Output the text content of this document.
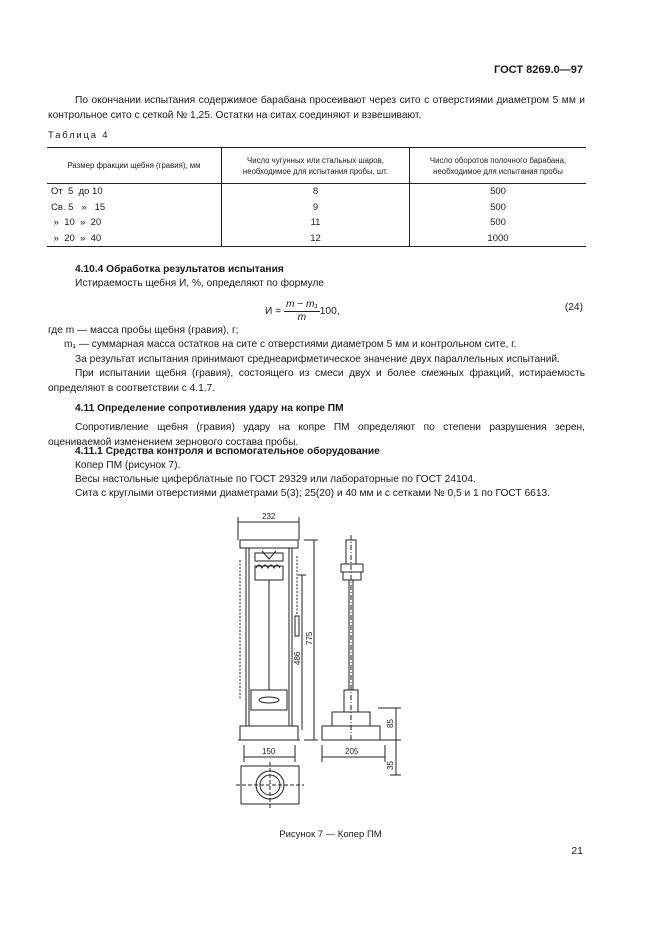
ГОСТ 8269.0—97
По окончании испытания содержимое барабана просеивают через сито с отверстиями диаметром 5 мм и контрольное сито с сеткой № 1,25. Остатки на ситах соединяют и взвешивают.
Таблица 4
Размер фракции щебня (гравия), мм	Число чугунных или стальных шаров, необходимое для испытания пробы, шт.	Число оборотов полочного барабана, необходимое для испытания пробы
От  5  до 10	8	500
Св. 5   »   15	9	500
»  10  »  20	11	500
»  20  »  40	12	1000
4.10.4 Обработка результатов испытания
Истираемость щебня И, %, определяют по формуле
$И = \frac{\text{m − m₁}}{m} 100$,	(24)
где m — масса пробы щебня (гравия), г;
m₁ — суммарная масса остатков на сите с отверстиями диаметром 5 мм и контрольном сите, г.
За результат испытания принимают среднеарифметическое значение двух параллельных испытаний.
При испытании щебня (гравия), состоящего из смеси двух и более смежных фракций, истираемость определяют в соответствии с 4.1.7.
4.11 Определение сопротивления удару на копре ПМ
Сопротивление щебня (гравия) удару на копре ПМ определяют по степени разрушения зерен, оцениваемой изменением зернового состава пробы.
4.11.1 Средства контроля и вспомогательное оборудование
Копер ПМ (рисунок 7).
Весы настольные циферблатные по ГОСТ 29329 или лабораторные по ГОСТ 24104.
Сита с круглыми отверстиями диаметрами 5(3); 25(20) и 40 мм и с сетками № 0,5 и 1 по ГОСТ 6613.
232
775
486
150	205
85
35
Рисунок 7 — Копер ПМ
21
